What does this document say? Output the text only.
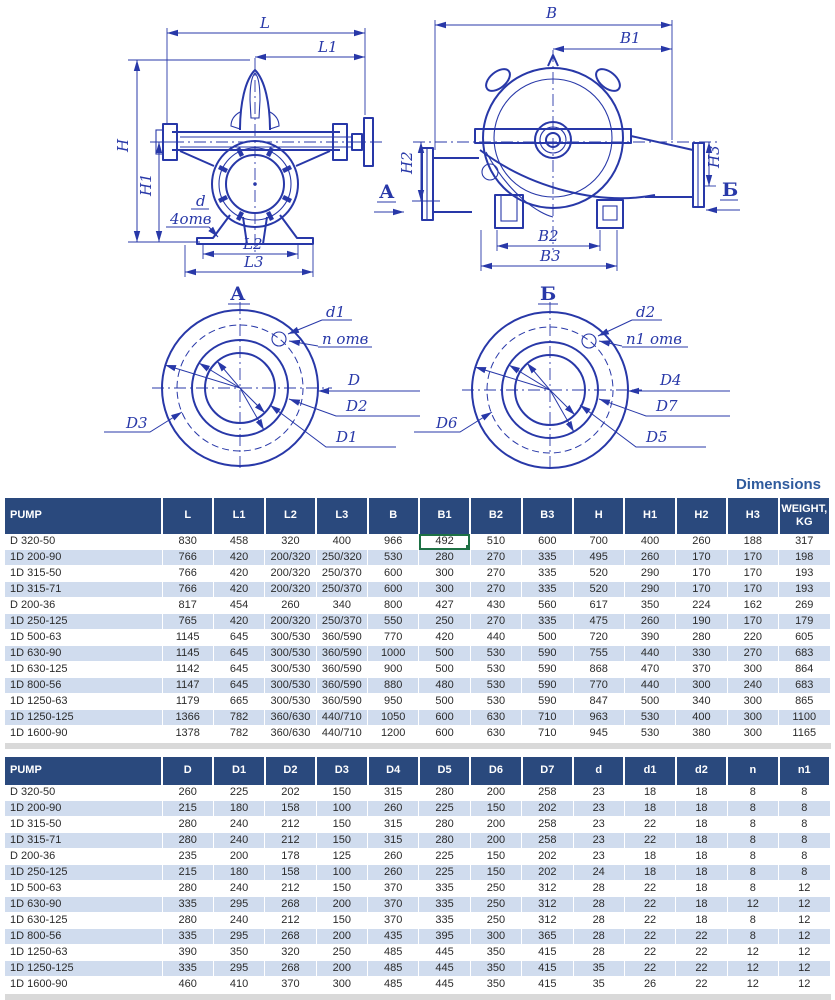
d
4отв
L
L1
H
H1
L2
L3
А
B
B1
H2	H3
B2
B3
Б
А
d1
n отв
D
D2
D1
D3
Б
d2
n1 отв
D4
D7
D5
D6
Dimensions
PUMP	L	L1	L2	L3	B	B1	B2	B3	H	H1	H2	H3	WEIGHT, KG
D 320-50	830	458	320	400	966	492	510	600	700	400	260	188	317
1D 200-90	766	420	200/320	250/320	530	280	270	335	495	260	170	170	198
1D 315-50	766	420	200/320	250/370	600	300	270	335	520	290	170	170	193
1D 315-71	766	420	200/320	250/370	600	300	270	335	520	290	170	170	193
D 200-36	817	454	260	340	800	427	430	560	617	350	224	162	269
1D 250-125	765	420	200/320	250/370	550	250	270	335	475	260	190	170	179
1D 500-63	1145	645	300/530	360/590	770	420	440	500	720	390	280	220	605
1D 630-90	1145	645	300/530	360/590	1000	500	530	590	755	440	330	270	683
1D 630-125	1142	645	300/530	360/590	900	500	530	590	868	470	370	300	864
1D 800-56	1147	645	300/530	360/590	880	480	530	590	770	440	300	240	683
1D 1250-63	1179	665	300/530	360/590	950	500	530	590	847	500	340	300	865
1D 1250-125	1366	782	360/630	440/710	1050	600	630	710	963	530	400	300	1100
1D 1600-90	1378	782	360/630	440/710	1200	600	630	710	945	530	380	300	1165
PUMP	D	D1	D2	D3	D4	D5	D6	D7	d	d1	d2	n	n1
D 320-50	260	225	202	150	315	280	200	258	23	18	18	8	8
1D 200-90	215	180	158	100	260	225	150	202	23	18	18	8	8
1D 315-50	280	240	212	150	315	280	200	258	23	22	18	8	8
1D 315-71	280	240	212	150	315	280	200	258	23	22	18	8	8
D 200-36	235	200	178	125	260	225	150	202	23	18	18	8	8
1D 250-125	215	180	158	100	260	225	150	202	24	18	18	8	8
1D 500-63	280	240	212	150	370	335	250	312	28	22	18	8	12
1D 630-90	335	295	268	200	370	335	250	312	28	22	18	12	12
1D 630-125	280	240	212	150	370	335	250	312	28	22	18	8	12
1D 800-56	335	295	268	200	435	395	300	365	28	22	22	8	12
1D 1250-63	390	350	320	250	485	445	350	415	28	22	22	12	12
1D 1250-125	335	295	268	200	485	445	350	415	35	22	22	12	12
1D 1600-90	460	410	370	300	485	445	350	415	35	26	22	12	12
